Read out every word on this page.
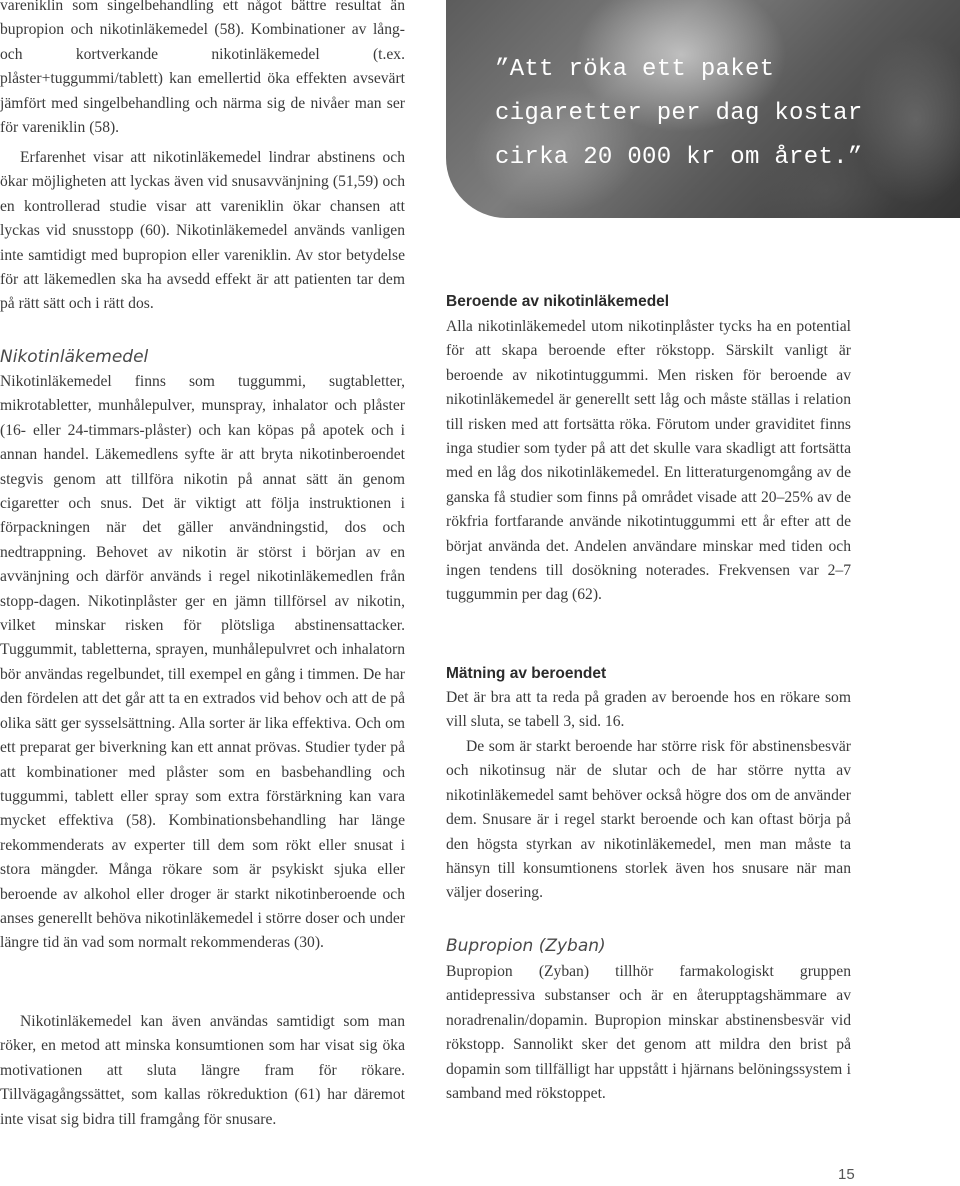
vareniklin som singelbehandling ett något bättre resultat än bupropion och nikotinläkemedel (58). Kombinationer av lång- och kortverkande nikotinläkemedel (t.ex. plåster+tuggummi/tablett) kan emellertid öka effekten avsevärt jämfört med singelbehandling och närma sig de nivåer man ser för vareniklin (58).

Erfarenhet visar att nikotinläkemedel lindrar abstinens och ökar möjligheten att lyckas även vid snusavvänjning (51,59) och en kontrollerad studie visar att vareniklin ökar chansen att lyckas vid snusstopp (60). Nikotinläkemedel används vanligen inte samtidigt med bupropion eller vareniklin. Av stor betydelse för att läkemedlen ska ha avsedd effekt är att patienten tar dem på rätt sätt och i rätt dos.

Nikotinläkemedel

Nikotinläkemedel finns som tuggummi, sugtabletter, mikrotabletter, munhålepulver, munspray, inhalator och plåster (16- eller 24-timmars-plåster) och kan köpas på apotek och i annan handel. Läkemedlens syfte är att bryta nikotinberoendet stegvis genom att tillföra nikotin på annat sätt än genom cigaretter och snus. Det är viktigt att följa instruktionen i förpackningen när det gäller användningstid, dos och nedtrappning. Behovet av nikotin är störst i början av en avvänjning och därför används i regel nikotinläkemedlen från stopp-dagen. Nikotinplåster ger en jämn tillförsel av nikotin, vilket minskar risken för plötsliga abstinensattacker. Tuggummit, tabletterna, sprayen, munhålepulvret och inhalatorn bör användas regelbundet, till exempel en gång i timmen. De har den fördelen att det går att ta en extrados vid behov och att de på olika sätt ger sysselsättning. Alla sorter är lika effektiva. Och om ett preparat ger biverkning kan ett annat prövas. Studier tyder på att kombinationer med plåster som en basbehandling och tuggummi, tablett eller spray som extra förstärkning kan vara mycket effektiva (58). Kombinationsbehandling har länge rekommenderats av experter till dem som rökt eller snusat i stora mängder. Många rökare som är psykiskt sjuka eller beroende av alkohol eller droger är starkt nikotinberoende och anses generellt behöva nikotinläkemedel i större doser och under längre tid än vad som normalt rekommenderas (30).

Nikotinläkemedel kan även användas samtidigt som man röker, en metod att minska konsumtionen som har visat sig öka motivationen att sluta längre fram för rökare. Tillvägagångssättet, som kallas rökreduktion (61) har däremot inte visat sig bidra till framgång för snusare.

”Att röka ett paket
cigaretter per dag kostar
cirka 20 000 kr om året.”

Beroende av nikotinläkemedel

Alla nikotinläkemedel utom nikotinplåster tycks ha en potential för att skapa beroende efter rökstopp. Särskilt vanligt är beroende av nikotintuggummi. Men risken för beroende av nikotinläkemedel är generellt sett låg och måste ställas i relation till risken med att fortsätta röka. Förutom under graviditet finns inga studier som tyder på att det skulle vara skadligt att fortsätta med en låg dos nikotinläkemedel. En litteraturgenomgång av de ganska få studier som finns på området visade att 20–25% av de rökfria fortfarande använde nikotintuggummi ett år efter att de börjat använda det. Andelen användare minskar med tiden och ingen tendens till dosökning noterades. Frekvensen var 2–7 tuggummin per dag (62).

Mätning av beroendet

Det är bra att ta reda på graden av beroende hos en rökare som vill sluta, se tabell 3, sid. 16.

De som är starkt beroende har större risk för abstinensbesvär och nikotinsug när de slutar och de har större nytta av nikotinläkemedel samt behöver också högre dos om de använder dem. Snusare är i regel starkt beroende och kan oftast börja på den högsta styrkan av nikotinläkemedel, men man måste ta hänsyn till konsumtionens storlek även hos snusare när man väljer dosering.

Bupropion (Zyban)

Bupropion (Zyban) tillhör farmakologiskt gruppen antidepressiva substanser och är en återupptagshämmare av noradrenalin/dopamin. Bupropion minskar abstinensbesvär vid rökstopp. Sannolikt sker det genom att mildra den brist på dopamin som tillfälligt har uppstått i hjärnans belöningssystem i samband med rökstoppet.

15
